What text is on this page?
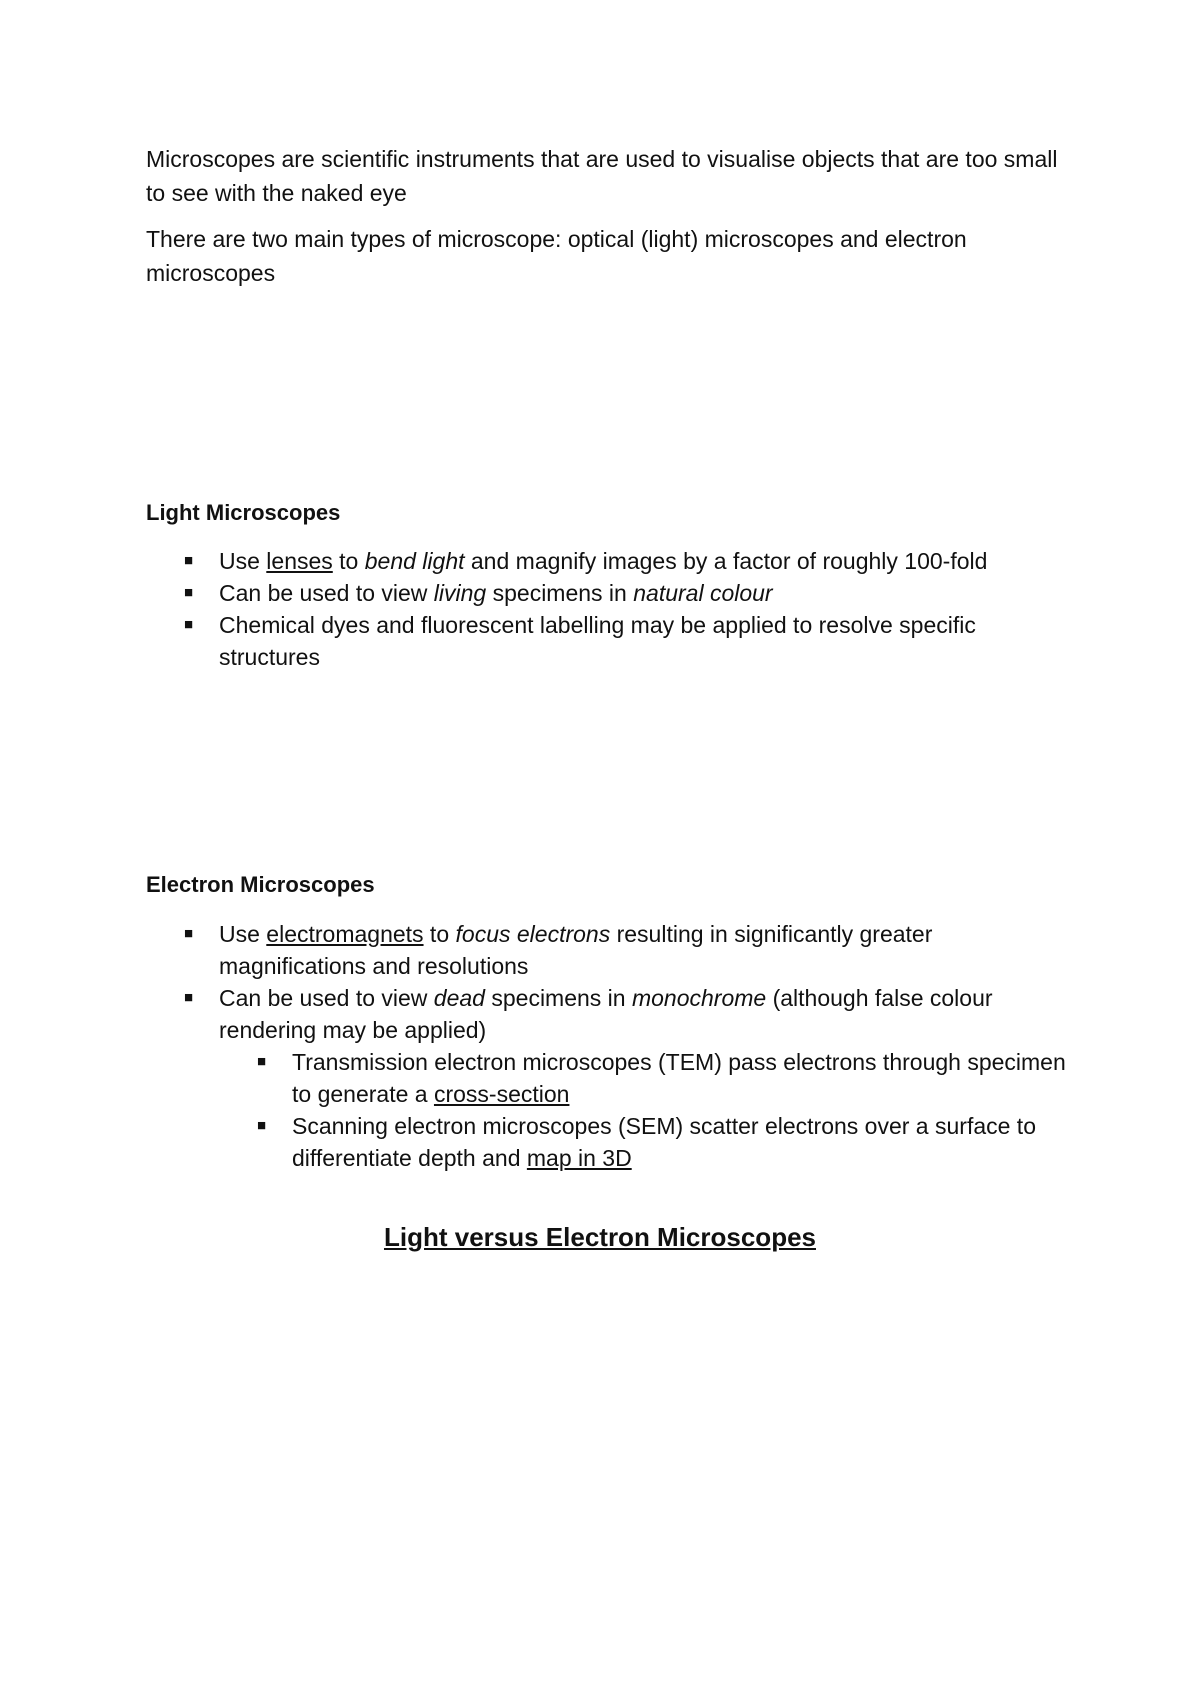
Microscopes are scientific instruments that are used to visualise objects that are too small to see with the naked eye

There are two main types of microscope: optical (light) microscopes and electron microscopes

Light Microscopes

■ Use lenses to bend light and magnify images by a factor of roughly 100-fold
■ Can be used to view living specimens in natural colour
■ Chemical dyes and fluorescent labelling may be applied to resolve specific structures

Electron Microscopes

■ Use electromagnets to focus electrons resulting in significantly greater magnifications and resolutions
■ Can be used to view dead specimens in monochrome (although false colour rendering may be applied)
■ Transmission electron microscopes (TEM) pass electrons through specimen to generate a cross-section
■ Scanning electron microscopes (SEM) scatter electrons over a surface to differentiate depth and map in 3D

Light versus Electron Microscopes
